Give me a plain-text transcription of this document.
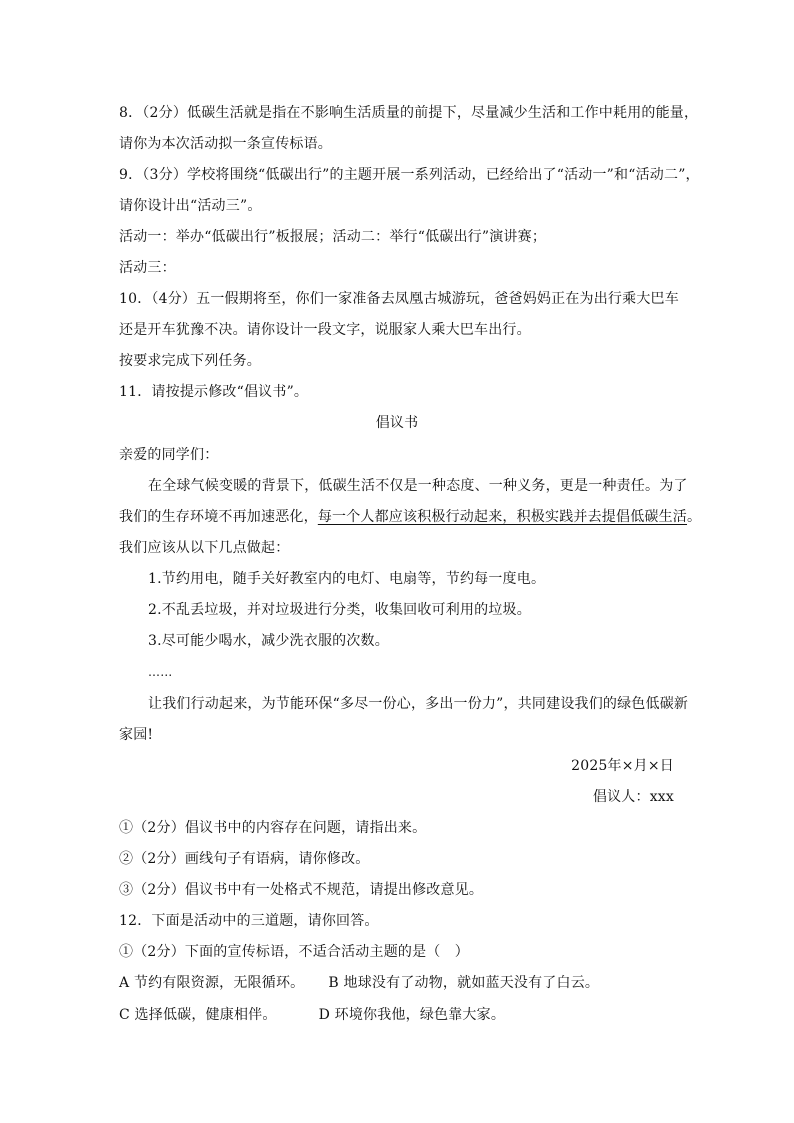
8．（2分）低碳生活就是指在不影响生活质量的前提下，尽量减少生活和工作中耗用的能量，
请你为本次活动拟一条宣传标语。
9．（3分）学校将围绕“低碳出行”的主题开展一系列活动，已经给出了“活动一”和“活动二”，
请你设计出“活动三”。
活动一：举办“低碳出行”板报展；活动二：举行“低碳出行”演讲赛；
活动三：
10．（4分）五一假期将至，你们一家准备去凤凰古城游玩，爸爸妈妈正在为出行乘大巴车
还是开车犹豫不决。请你设计一段文字，说服家人乘大巴车出行。
按要求完成下列任务。
11．请按提示修改“倡议书”。
倡议书
亲爱的同学们：
在全球气候变暖的背景下，低碳生活不仅是一种态度、一种义务，更是一种责任。为了
我们的生存环境不再加速恶化，每一个人都应该积极行动起来，积极实践并去提倡低碳生活。
我们应该从以下几点做起：
1.节约用电，随手关好教室内的电灯、电扇等，节约每一度电。
2.不乱丢垃圾，并对垃圾进行分类，收集回收可利用的垃圾。
3.尽可能少喝水，减少洗衣服的次数。
……
让我们行动起来，为节能环保“多尽一份心，多出一份力”，共同建设我们的绿色低碳新
家园!
2025年×月×日
倡议人：xxx
①（2分）倡议书中的内容存在问题，请指出来。
②（2分）画线句子有语病，请你修改。
③（2分）倡议书中有一处格式不规范，请提出修改意见。
12．下面是活动中的三道题，请你回答。
①（2分）下面的宣传标语，不适合活动主题的是（　）
A 节约有限资源，无限循环。 B 地球没有了动物，就如蓝天没有了白云。
C 选择低碳，健康相伴。	D 环境你我他，绿色靠大家。
